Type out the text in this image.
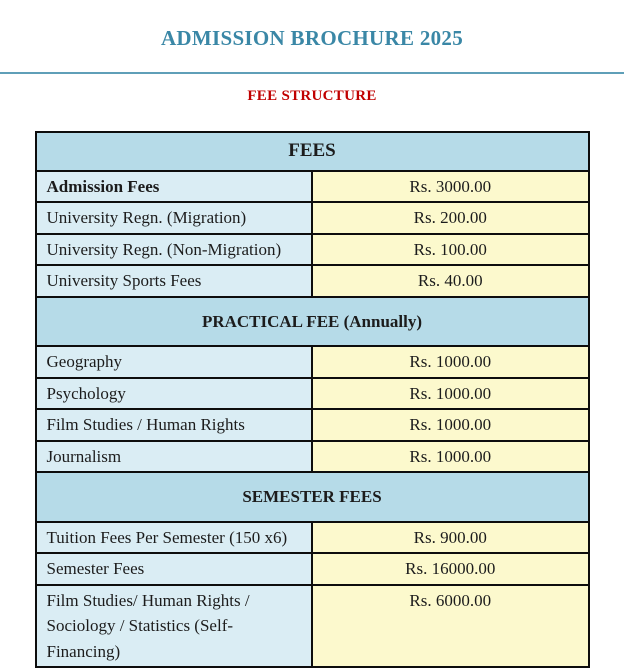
ADMISSION BROCHURE 2025
FEE STRUCTURE
FEES	
Admission Fees	Rs. 3000.00
University Regn. (Migration)	Rs. 200.00
University Regn. (Non-Migration)	Rs. 100.00
University Sports Fees	Rs. 40.00
PRACTICAL FEE (Annually)	
Geography	Rs. 1000.00
Psychology	Rs. 1000.00
Film Studies / Human Rights	Rs. 1000.00
Journalism	Rs. 1000.00
SEMESTER FEES	
Tuition Fees Per Semester (150 x6)	Rs. 900.00
Semester Fees	Rs. 16000.00
Film Studies/ Human Rights / Sociology / Statistics (Self- Financing)	Rs. 6000.00
